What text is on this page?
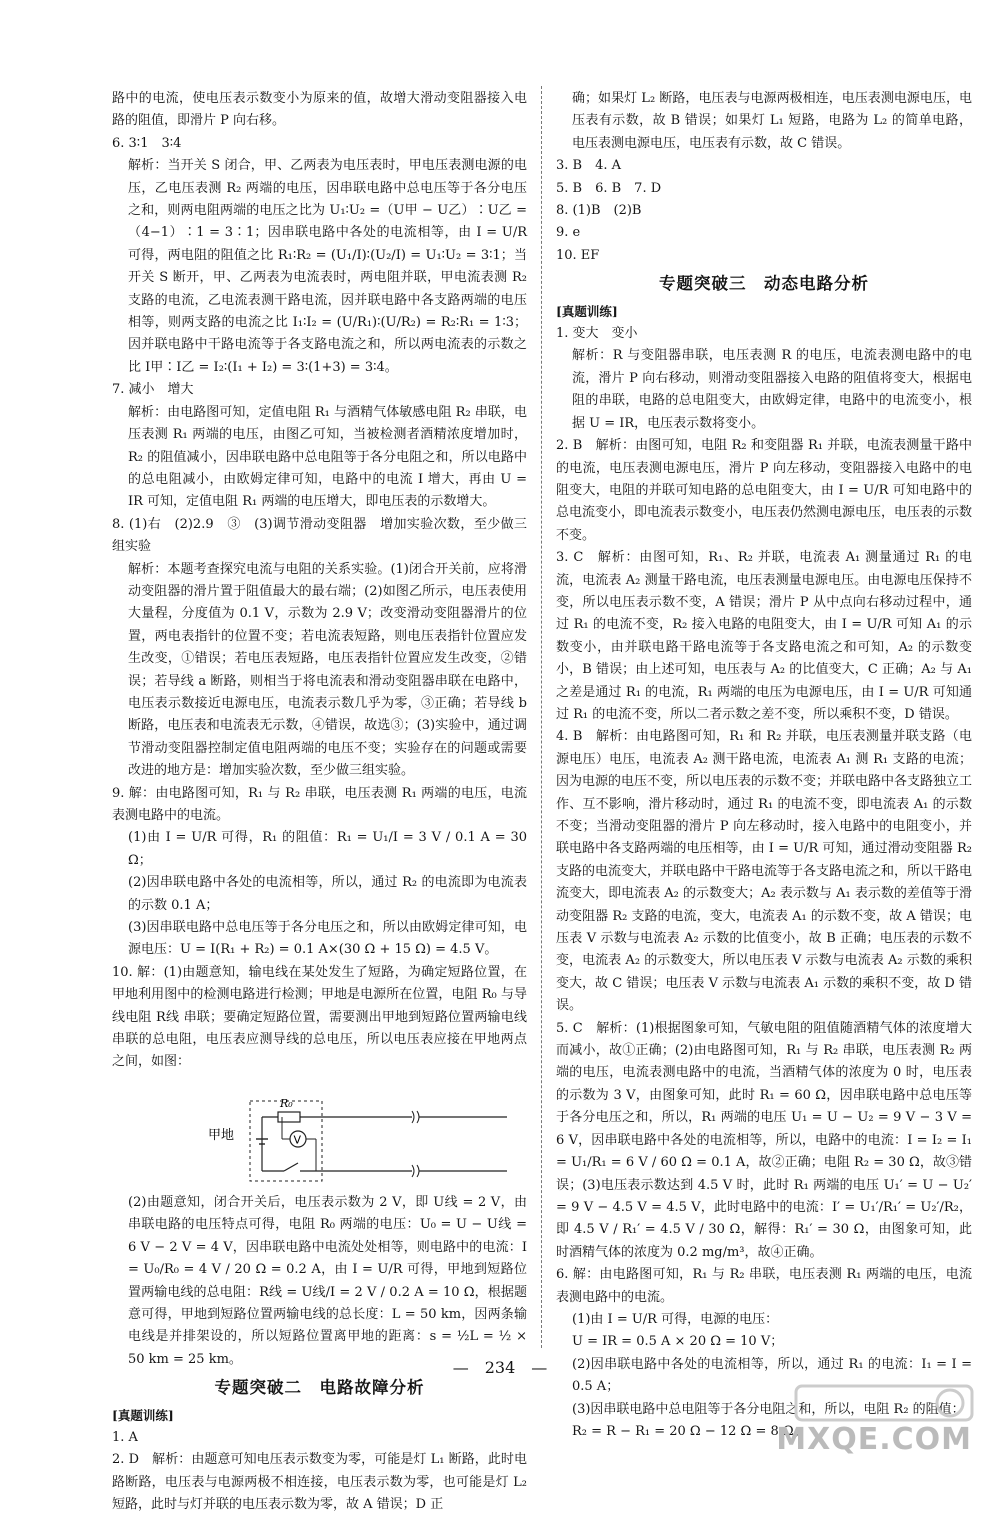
路中的电流，使电压表示数变小为原来的值，故增大滑动变阻器接入电路的阻值，即滑片 P 向右移。

6. 3∶1　3∶4

解析：当开关 S 闭合，甲、乙两表为电压表时，甲电压表测电源的电压，乙电压表测 R₂ 两端的电压，因串联电路中总电压等于各分电压之和，则两电阻两端的电压之比为 U₁∶U₂ =（U甲 − U乙）∶U乙 =（4−1）∶1 = 3∶1；因串联电路中各处的电流相等，由 I = U/R 可得，两电阻的阻值之比 R₁∶R₂ = (U₁/I)∶(U₂/I) = U₁∶U₂ = 3∶1；当开关 S 断开，甲、乙两表为电流表时，两电阻并联，甲电流表测 R₂ 支路的电流，乙电流表测干路电流，因并联电路中各支路两端的电压相等，则两支路的电流之比 I₁∶I₂ = (U/R₁)∶(U/R₂) = R₂∶R₁ = 1∶3；因并联电路中干路电流等于各支路电流之和，所以两电流表的示数之比 I甲∶I乙 = I₂∶(I₁ + I₂) = 3∶(1+3) = 3∶4。

7. 减小　增大

解析：由电路图可知，定值电阻 R₁ 与酒精气体敏感电阻 R₂ 串联，电压表测 R₁ 两端的电压，由图乙可知，当被检测者酒精浓度增加时，R₂ 的阻值减小，因串联电路中总电阻等于各分电阻之和，所以电路中的总电阻减小，由欧姆定律可知，电路中的电流 I 增大，再由 U = IR 可知，定值电阻 R₁ 两端的电压增大，即电压表的示数增大。

8. (1)右　(2)2.9　③　(3)调节滑动变阻器　增加实验次数，至少做三组实验

解析：本题考查探究电流与电阻的关系实验。(1)闭合开关前，应将滑动变阻器的滑片置于阻值最大的最右端；(2)如图乙所示，电压表使用大量程，分度值为 0.1 V，示数为 2.9 V；改变滑动变阻器滑片的位置，两电表指针的位置不变；若电流表短路，则电压表指针位置应发生改变，①错误；若电压表短路，电压表指针位置应发生改变，②错误；若导线 a 断路，则相当于将电流表和滑动变阻器串联在电路中，电压表示数接近电源电压，电流表示数几乎为零，③正确；若导线 b 断路，电压表和电流表无示数，④错误，故选③；(3)实验中，通过调节滑动变阻器控制定值电阻两端的电压不变；实验存在的问题或需要改进的地方是：增加实验次数，至少做三组实验。

9. 解：由电路图可知，R₁ 与 R₂ 串联，电压表测 R₁ 两端的电压，电流表测电路中的电流。

(1)由 I = U/R 可得，R₁ 的阻值：R₁ = U₁/I = 3 V / 0.1 A = 30 Ω；

(2)因串联电路中各处的电流相等，所以，通过 R₂ 的电流即为电流表的示数 0.1 A；

(3)因串联电路中总电压等于各分电压之和，所以由欧姆定律可知，电源电压：U = I(R₁ + R₂) = 0.1 A×(30 Ω + 15 Ω) = 4.5 V。

10. 解：(1)由题意知，输电线在某处发生了短路，为确定短路位置，在甲地利用图中的检测电路进行检测；甲地是电源所在位置，电阻 R₀ 与导线电阻 R线 串联；要确定短路位置，需要测出甲地到短路位置两输电线串联的总电阻，电压表应测导线的总电压，所以电压表应接在甲地两点之间，如图：

甲地
R₀
V

(2)由题意知，闭合开关后，电压表示数为 2 V，即 U线 = 2 V，由串联电路的电压特点可得，电阻 R₀ 两端的电压：U₀ = U − U线 = 6 V − 2 V = 4 V，因串联电路中电流处处相等，则电路中的电流：I = U₀/R₀ = 4 V / 20 Ω = 0.2 A，由 I = U/R 可得，甲地到短路位置两输电线的总电阻：R线 = U线/I = 2 V / 0.2 A = 10 Ω，根据题意可得，甲地到短路位置两输电线的总长度：L = 50 km，因两条输电线是并排架设的，所以短路位置离甲地的距离：s = ½L = ½ × 50 km = 25 km。

专题突破二　电路故障分析
[真题训练]

1. A

2. D　解析：由题意可知电压表示数变为零，可能是灯 L₁ 断路，此时电路断路，电压表与电源两极不相连接，电压表示数为零，也可能是灯 L₂ 短路，此时与灯并联的电压表示数为零，故 A 错误；D 正

确；如果灯 L₂ 断路，电压表与电源两极相连，电压表测电源电压，电压表有示数，故 B 错误；如果灯 L₁ 短路，电路为 L₂ 的简单电路，电压表测电源电压，电压表有示数，故 C 错误。

3. B　4. A

5. B　6. B　7. D

8. (1)B　(2)B

9. e

10. EF

专题突破三　动态电路分析
[真题训练]

1. 变大　变小

解析：R 与变阻器串联，电压表测 R 的电压，电流表测电路中的电流，滑片 P 向右移动，则滑动变阻器接入电路的阻值将变大，根据电阻的串联，电路的总电阻变大，由欧姆定律，电路中的电流变小，根据 U = IR，电压表示数将变小。

2. B　解析：由图可知，电阻 R₂ 和变阻器 R₁ 并联，电流表测量干路中的电流，电压表测电源电压，滑片 P 向左移动，变阻器接入电路中的电阻变大，电阻的并联可知电路的总电阻变大，由 I = U/R 可知电路中的总电流变小，即电流表示数变小，电压表仍然测电源电压，电压表的示数不变。

3. C　解析：由图可知，R₁、R₂ 并联，电流表 A₁ 测量通过 R₁ 的电流，电流表 A₂ 测量干路电流，电压表测量电源电压。由电源电压保持不变，所以电压表示数不变，A 错误；滑片 P 从中点向右移动过程中，通过 R₁ 的电流不变，R₂ 接入电路的电阻变大，由 I = U/R 可知 A₁ 的示数变小，由并联电路干路电流等于各支路电流之和可知，A₂ 的示数变小，B 错误；由上述可知，电压表与 A₂ 的比值变大，C 正确；A₂ 与 A₁ 之差是通过 R₁ 的电流，R₁ 两端的电压为电源电压，由 I = U/R 可知通过 R₁ 的电流不变，所以二者示数之差不变，所以乘积不变，D 错误。

4. B　解析：由电路图可知，R₁ 和 R₂ 并联，电压表测量并联支路（电源电压）电压，电流表 A₂ 测干路电流，电流表 A₁ 测 R₁ 支路的电流；因为电源的电压不变，所以电压表的示数不变；并联电路中各支路独立工作、互不影响，滑片移动时，通过 R₁ 的电流不变，即电流表 A₁ 的示数不变；当滑动变阻器的滑片 P 向左移动时，接入电路中的电阻变小，并联电路中各支路两端的电压相等，由 I = U/R 可知，通过滑动变阻器 R₂ 支路的电流变大，并联电路中干路电流等于各支路电流之和，所以干路电流变大，即电流表 A₂ 的示数变大；A₂ 表示数与 A₁ 表示数的差值等于滑动变阻器 R₂ 支路的电流，变大，电流表 A₁ 的示数不变，故 A 错误；电压表 V 示数与电流表 A₂ 示数的比值变小，故 B 正确；电压表的示数不变，电流表 A₂ 的示数变大，所以电压表 V 示数与电流表 A₂ 示数的乘积变大，故 C 错误；电压表 V 示数与电流表 A₁ 示数的乘积不变，故 D 错误。

5. C　解析：(1)根据图象可知，气敏电阻的阻值随酒精气体的浓度增大而减小，故①正确；(2)由电路图可知，R₁ 与 R₂ 串联，电压表测 R₂ 两端的电压，电流表测电路中的电流，当酒精气体的浓度为 0 时，电压表的示数为 3 V，由图象可知，此时 R₁ = 60 Ω，因串联电路中总电压等于各分电压之和，所以，R₁ 两端的电压 U₁ = U − U₂ = 9 V − 3 V = 6 V，因串联电路中各处的电流相等，所以，电路中的电流：I = I₂ = I₁ = U₁/R₁ = 6 V / 60 Ω = 0.1 A，故②正确；电阻 R₂ = 30 Ω，故③错误；(3)电压表示数达到 4.5 V 时，此时 R₁ 两端的电压 U₁′ = U − U₂′ = 9 V − 4.5 V = 4.5 V，此时电路中的电流：I′ = U₁′/R₁′ = U₂′/R₂，即 4.5 V / R₁′ = 4.5 V / 30 Ω，解得：R₁′ = 30 Ω，由图象可知，此时酒精气体的浓度为 0.2 mg/m³，故④正确。

6. 解：由电路图可知，R₁ 与 R₂ 串联，电压表测 R₁ 两端的电压，电流表测电路中的电流。

(1)由 I = U/R 可得，电源的电压：

U = IR = 0.5 A × 20 Ω = 10 V；

(2)因串联电路中各处的电流相等，所以，通过 R₁ 的电流：I₁ = I = 0.5 A；

(3)因串联电路中总电阻等于各分电阻之和，所以，电阻 R₂ 的阻值：

R₂ = R − R₁ = 20 Ω − 12 Ω = 8 Ω。

—　234　—
MXQE.COM
